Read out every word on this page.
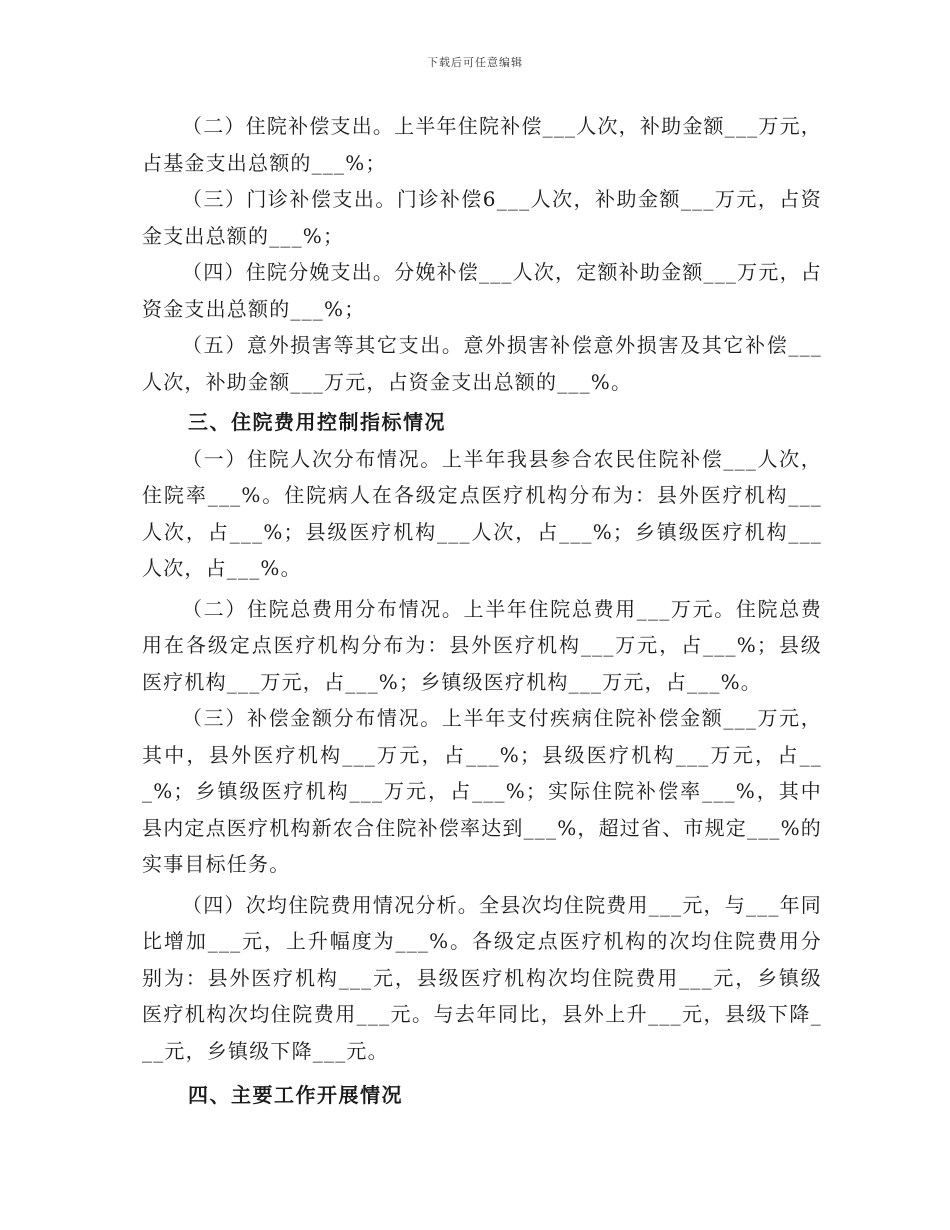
下载后可任意编辑

（二）住院补偿支出。上半年住院补偿___人次，补助金额___万元，占基金支出总额的___%；

（三）门诊补偿支出。门诊补偿6___人次，补助金额___万元，占资金支出总额的___%；

（四）住院分娩支出。分娩补偿___人次，定额补助金额___万元，占资金支出总额的___%；

（五）意外损害等其它支出。意外损害补偿意外损害及其它补偿___人次，补助金额___万元，占资金支出总额的___%。

三、住院费用控制指标情况

（一）住院人次分布情况。上半年我县参合农民住院补偿___人次，住院率___%。住院病人在各级定点医疗机构分布为：县外医疗机构___人次，占___%；县级医疗机构___人次，占___%；乡镇级医疗机构___人次，占___%。

（二）住院总费用分布情况。上半年住院总费用___万元。住院总费用在各级定点医疗机构分布为：县外医疗机构___万元，占___%；县级医疗机构___万元，占___%；乡镇级医疗机构___万元，占___%。

（三）补偿金额分布情况。上半年支付疾病住院补偿金额___万元，其中，县外医疗机构___万元，占___%；县级医疗机构___万元，占___%；乡镇级医疗机构___万元，占___%；实际住院补偿率___%，其中县内定点医疗机构新农合住院补偿率达到___%，超过省、市规定___%的实事目标任务。

（四）次均住院费用情况分析。全县次均住院费用___元，与___年同比增加___元，上升幅度为___%。各级定点医疗机构的次均住院费用分别为：县外医疗机构___元，县级医疗机构次均住院费用___元，乡镇级医疗机构次均住院费用___元。与去年同比，县外上升___元，县级下降___元，乡镇级下降___元。

四、主要工作开展情况
